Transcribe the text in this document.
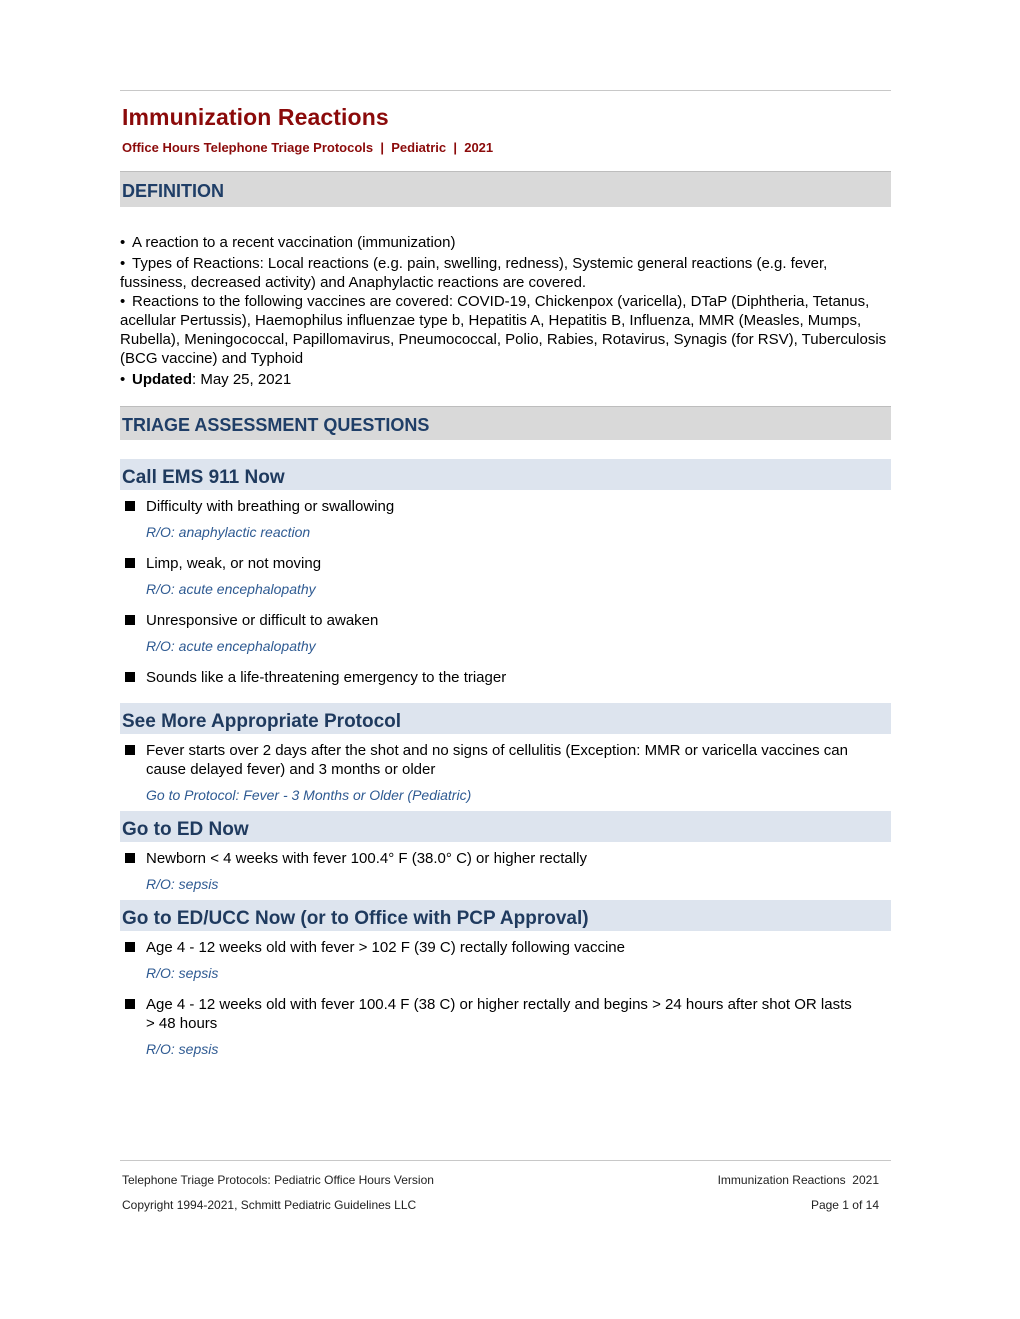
Immunization Reactions
Office Hours Telephone Triage Protocols  |  Pediatric  |  2021
DEFINITION
• A reaction to a recent vaccination (immunization)
• Types of Reactions: Local reactions (e.g. pain, swelling, redness), Systemic general reactions (e.g. fever, fussiness, decreased activity) and Anaphylactic reactions are covered.
• Reactions to the following vaccines are covered: COVID-19, Chickenpox (varicella), DTaP (Diphtheria, Tetanus, acellular Pertussis), Haemophilus influenzae type b, Hepatitis A, Hepatitis B, Influenza, MMR (Measles, Mumps, Rubella), Meningococcal, Papillomavirus, Pneumococcal, Polio, Rabies, Rotavirus, Synagis (for RSV), Tuberculosis (BCG vaccine) and Typhoid
• Updated: May 25, 2021
TRIAGE ASSESSMENT QUESTIONS
Call EMS 911 Now
Difficulty with breathing or swallowing
R/O: anaphylactic reaction
Limp, weak, or not moving
R/O: acute encephalopathy
Unresponsive or difficult to awaken
R/O: acute encephalopathy
Sounds like a life-threatening emergency to the triager
See More Appropriate Protocol
Fever starts over 2 days after the shot and no signs of cellulitis (Exception: MMR or varicella vaccines can cause delayed fever) and 3 months or older
Go to Protocol: Fever - 3 Months or Older (Pediatric)
Go to ED Now
Newborn < 4 weeks with fever 100.4° F (38.0° C) or higher rectally
R/O: sepsis
Go to ED/UCC Now (or to Office with PCP Approval)
Age 4 - 12 weeks old with fever > 102 F (39 C) rectally following vaccine
R/O: sepsis
Age 4 - 12 weeks old with fever 100.4 F (38 C) or higher rectally and begins > 24 hours after shot OR lasts > 48 hours
R/O: sepsis
Telephone Triage Protocols: Pediatric Office Hours Version	Immunization Reactions  2021
Copyright 1994-2021, Schmitt Pediatric Guidelines LLC	Page 1 of 14
